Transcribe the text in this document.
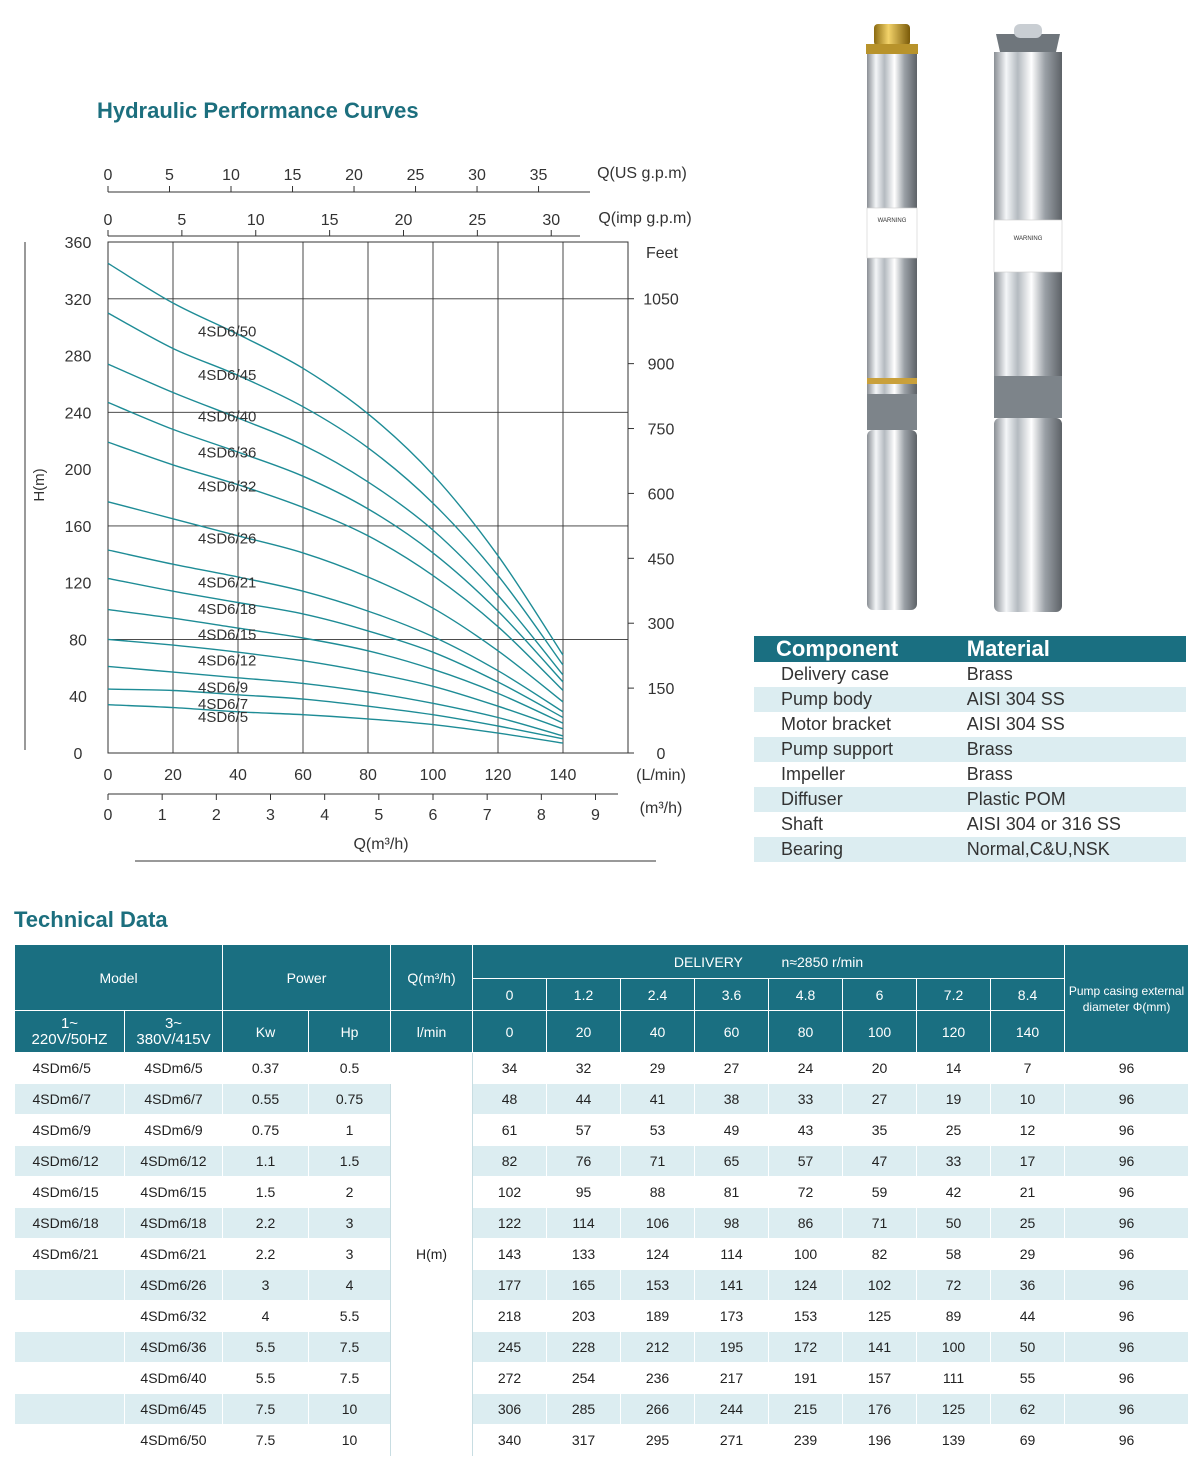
Hydraulic Performance Curves
Technical Data
H(m)
0
40
80
120
160
200
240
280
320
360
Feet
0
150
300
450
600
750
900
1050
0	5	10	15	20	25	30	35	Q(US g.p.m)
0	5	10	15	20	25	30 Q(imp g.p.m)
0	20	40	60	80	100 120 140	(L/min)
0	1	2	3	4	5	6	7	8	9 (m³/h)
Q(m³/h)
4SD6/50
4SD6/45
4SD6/40
4SD6/36
4SD6/32
4SD6/26
4SD6/21
4SD6/18
4SD6/15
4SD6/12
4SD6/9
4SD6/7
4SD6/5
WARNING
WARNING
Component	Material
Delivery case	Brass
Pump body	AISI 304 SS
Motor bracket	AISI 304 SS
Pump support	Brass
Impeller	Brass
Diffuser	Plastic POM
Shaft	AISI 304 or 316 SS
Bearing	Normal,C&U,NSK
Model		Power		Q(m³/h)	DELIVERY          n≈2850 r/min								Pump casing external diameter Φ(mm)
					0	1.2	2.4	3.6	4.8	6	7.2	8.4	
1~
220V/50HZ	3~
380V/415V	Kw	Hp	l/min	0	20	40	60	80	100	120	140	
4SDm6/5	4SDm6/5	0.37	0.5	H(m)	34	32	29	27	24	20	14	7	96
4SDm6/7	4SDm6/7	0.55	0.75		48	44	41	38	33	27	19	10	96
4SDm6/9	4SDm6/9	0.75	1		61	57	53	49	43	35	25	12	96
4SDm6/12	4SDm6/12	1.1	1.5		82	76	71	65	57	47	33	17	96
4SDm6/15	4SDm6/15	1.5	2		102	95	88	81	72	59	42	21	96
4SDm6/18	4SDm6/18	2.2	3		122	114	106	98	86	71	50	25	96
4SDm6/21	4SDm6/21	2.2	3		143	133	124	114	100	82	58	29	96
	4SDm6/26	3	4		177	165	153	141	124	102	72	36	96
	4SDm6/32	4	5.5		218	203	189	173	153	125	89	44	96
	4SDm6/36	5.5	7.5		245	228	212	195	172	141	100	50	96
	4SDm6/40	5.5	7.5		272	254	236	217	191	157	111	55	96
	4SDm6/45	7.5	10		306	285	266	244	215	176	125	62	96
	4SDm6/50	7.5	10		340	317	295	271	239	196	139	69	96
